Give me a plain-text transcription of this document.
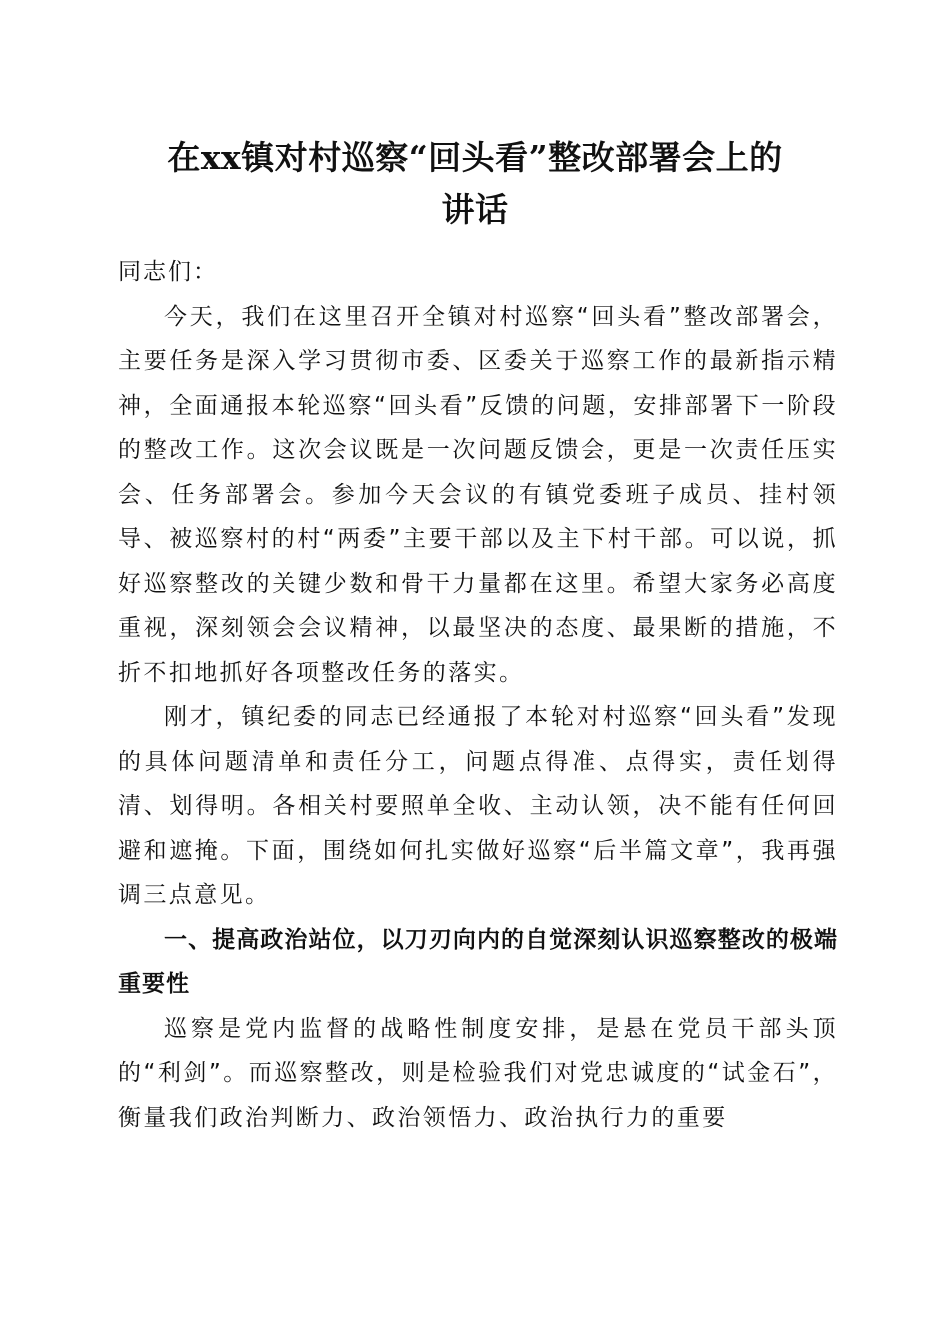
在xx镇对村巡察“回头看”整改部署会上的
讲话

同志们：

今天，我们在这里召开全镇对村巡察“回头看”整改部署会，主要任务是深入学习贯彻市委、区委关于巡察工作的最新指示精神，全面通报本轮巡察“回头看”反馈的问题，安排部署下一阶段的整改工作。这次会议既是一次问题反馈会，更是一次责任压实会、任务部署会。参加今天会议的有镇党委班子成员、挂村领导、被巡察村的村“两委”主要干部以及主下村干部。可以说，抓好巡察整改的关键少数和骨干力量都在这里。希望大家务必高度重视，深刻领会会议精神，以最坚决的态度、最果断的措施，不折不扣地抓好各项整改任务的落实。

刚才，镇纪委的同志已经通报了本轮对村巡察“回头看”发现的具体问题清单和责任分工，问题点得准、点得实，责任划得清、划得明。各相关村要照单全收、主动认领，决不能有任何回避和遮掩。下面，围绕如何扎实做好巡察“后半篇文章”，我再强调三点意见。

一、提高政治站位，以刀刃向内的自觉深刻认识巡察整改的极端重要性

巡察是党内监督的战略性制度安排，是悬在党员干部头顶的“利剑”。而巡察整改，则是检验我们对党忠诚度的“试金石”，衡量我们政治判断力、政治领悟力、政治执行力的重要
